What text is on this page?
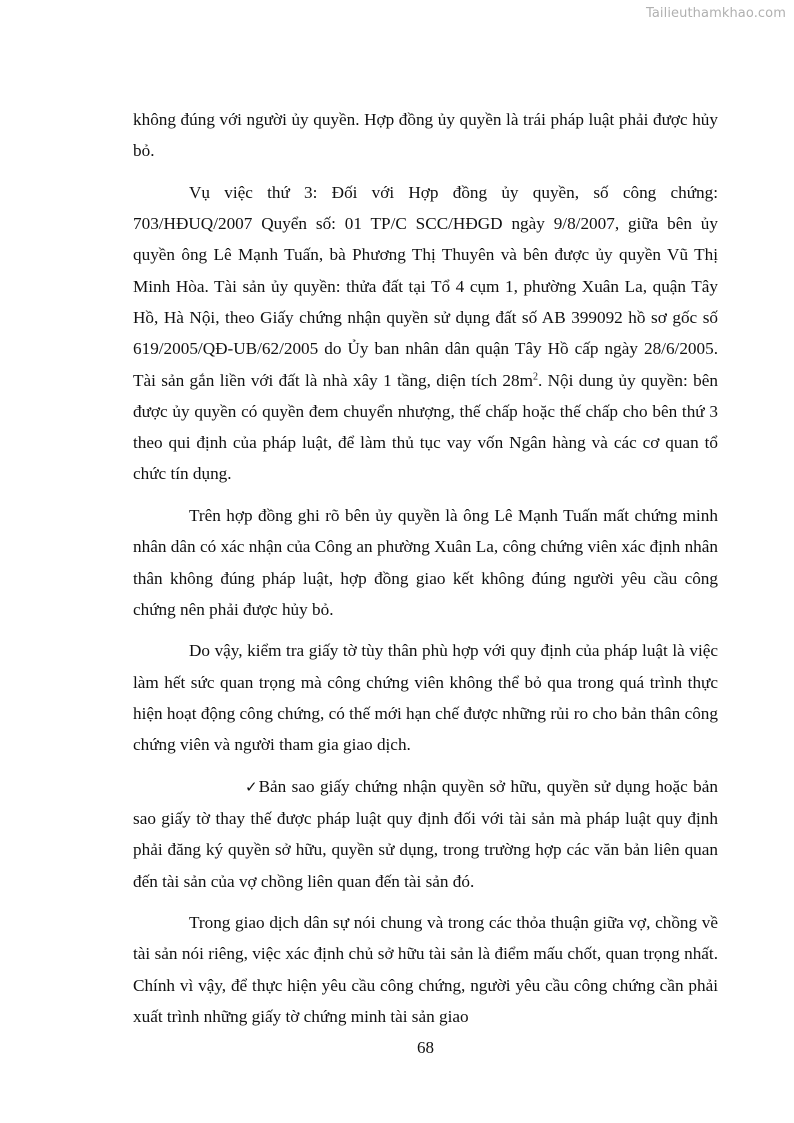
Tailieuthamkhao.com

không đúng với người ủy quyền. Hợp đồng ủy quyền là trái pháp luật phải được hủy bỏ.

Vụ việc thứ 3: Đối với Hợp đồng ủy quyền, số công chứng: 703/HĐUQ/2007 Quyển số: 01 TP/C SCC/HĐGD ngày 9/8/2007, giữa bên ủy quyền ông Lê Mạnh Tuấn, bà Phương Thị Thuyên và bên được ủy quyền Vũ Thị Minh Hòa. Tài sản ủy quyền: thửa đất tại Tổ 4 cụm 1, phường Xuân La, quận Tây Hồ, Hà Nội, theo Giấy chứng nhận quyền sử dụng đất số AB 399092 hồ sơ gốc số 619/2005/QĐ-UB/62/2005 do Ủy ban nhân dân quận Tây Hồ cấp ngày 28/6/2005. Tài sản gắn liền với đất là nhà xây 1 tầng, diện tích $28m^2$. Nội dung ủy quyền: bên được ủy quyền có quyền đem chuyển nhượng, thế chấp hoặc thế chấp cho bên thứ 3 theo qui định của pháp luật, để làm thủ tục vay vốn Ngân hàng và các cơ quan tổ chức tín dụng.

Trên hợp đồng ghi rõ bên ủy quyền là ông Lê Mạnh Tuấn mất chứng minh nhân dân có xác nhận của Công an phường Xuân La, công chứng viên xác định nhân thân không đúng pháp luật, hợp đồng giao kết không đúng người yêu cầu công chứng nên phải được hủy bỏ.

Do vậy, kiểm tra giấy tờ tùy thân phù hợp với quy định của pháp luật là việc làm hết sức quan trọng mà công chứng viên không thể bỏ qua trong quá trình thực hiện hoạt động công chứng, có thế mới hạn chế được những rủi ro cho bản thân công chứng viên và người tham gia giao dịch.

✓Bản sao giấy chứng nhận quyền sở hữu, quyền sử dụng hoặc bản sao giấy tờ thay thế được pháp luật quy định đối với tài sản mà pháp luật quy định phải đăng ký quyền sở hữu, quyền sử dụng, trong trường hợp các văn bản liên quan đến tài sản của vợ chồng liên quan đến tài sản đó.

Trong giao dịch dân sự nói chung và trong các thỏa thuận giữa vợ, chồng về tài sản nói riêng, việc xác định chủ sở hữu tài sản là điểm mấu chốt, quan trọng nhất. Chính vì vậy, để thực hiện yêu cầu công chứng, người yêu cầu công chứng cần phải xuất trình những giấy tờ chứng minh tài sản giao

68
